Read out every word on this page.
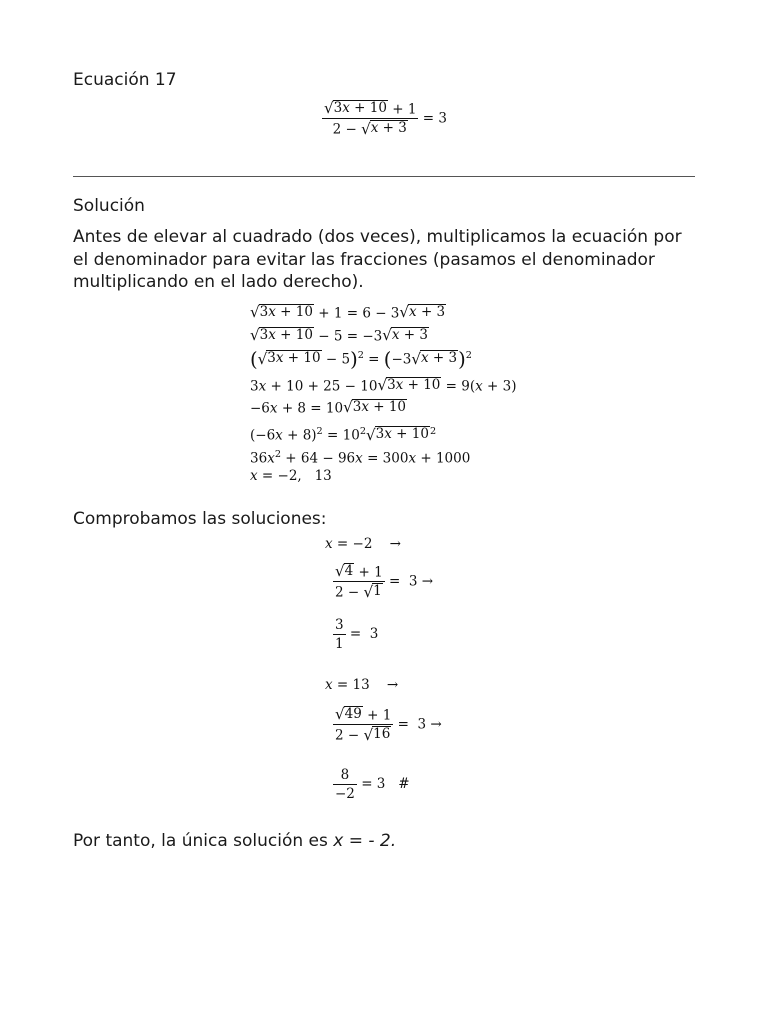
Ecuación 17
$\frac{√ 3x + 10 + 1}{2 - √ x + 3} = 3$
Solución
Antes de elevar al cuadrado (dos veces), multiplicamos la ecuación por el denominador para evitar las fracciones (pasamos el denominador multiplicando en el lado derecho).
√ 3x + 10 + 1 = 6 − 3 √ x + 3
√ 3x + 10 − 5 = −3 √ x + 3
( √ 3x + 10 − 5)$^2$ = (−3 √ x + 3 )$^2$
3x + 10 + 25 − 10 √ 3x + 10 = 9(x + 3)
−6x + 8 = 10 √ 3x + 10
$(-6x + 8)^2 = 10^2$ √ 3x + 10 $^2$
$36x^2 + 64 - 96x = 300x + 1000$
x = −2,   13
Comprobamos las soluciones:
x = −2    →
$\frac{√ 4 + 1}{2 - √ 1} = 3$ →
$\frac{3}{1} = 3$
x = 13    →
$\frac{√ 49 + 1}{2 - √ 16} = 3$ →
$\frac{8}{-2} = 3$   #
Por tanto, la única solución es x = - 2.
